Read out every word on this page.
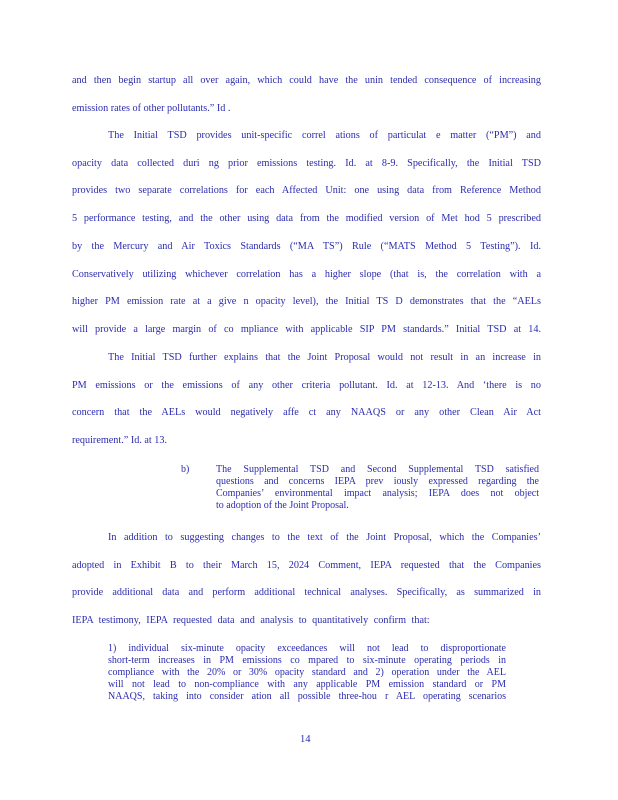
and then begin startup all over again, which could have the unin tended consequence of increasing
emission rates of other pollutants.” Id .
The Initial TSD provides unit-specific correl ations of particulat e matter (“PM”) and
opacity data collected duri ng prior emissions testing. Id. at 8-9. Specifically, the Initial TSD
provides two separate correlations for each Affected Unit: one using data from Reference Method
5 performance testing, and the other using data from the modified version of Met hod 5 prescribed
by the Mercury and Air Toxics Standards (“MA TS”) Rule (“MATS Method 5 Testing”). Id.
Conservatively utilizing whichever correlation has a higher slope (that is, the correlation with a
higher PM emission rate at a give n opacity level), the Initial TS D demonstrates that the “AELs
will provide a large margin of co mpliance with applicable SIP PM standards.” Initial TSD at 14.
The Initial TSD further explains that the Joint Proposal would not result in an increase in
PM emissions or the emissions of any other criteria pollutant. Id. at 12-13. And ‘there is no
concern that the AELs would negatively affe ct any NAAQS or any other Clean Air Act
requirement.” Id. at 13.
b)	The Supplemental TSD and Second Supplemental TSD satisfied
questions and concerns IEPA prev iously expressed regarding the
Companies’ environmental impact analysis; IEPA does not object
to adoption of the Joint Proposal.
In addition to suggesting changes to the text of the Joint Proposal, which the Companies’
adopted in Exhibit B to their March 15, 2024 Comment, IEPA requested that the Companies
provide additional data and perform additional technical analyses. Specifically, as summarized in
IEPA testimony, IEPA requested data and analysis to quantitatively confirm that:
1) individual six-minute opacity exceedances will not lead to disproportionate
short-term increases in PM emissions co mpared to six-minute operating periods in
compliance with the 20% or 30% opacity standard and 2) operation under the AEL
will not lead to non-compliance with any applicable PM emission standard or PM
NAAQS, taking into consider ation all possible three-hou r AEL operating scenarios
14
